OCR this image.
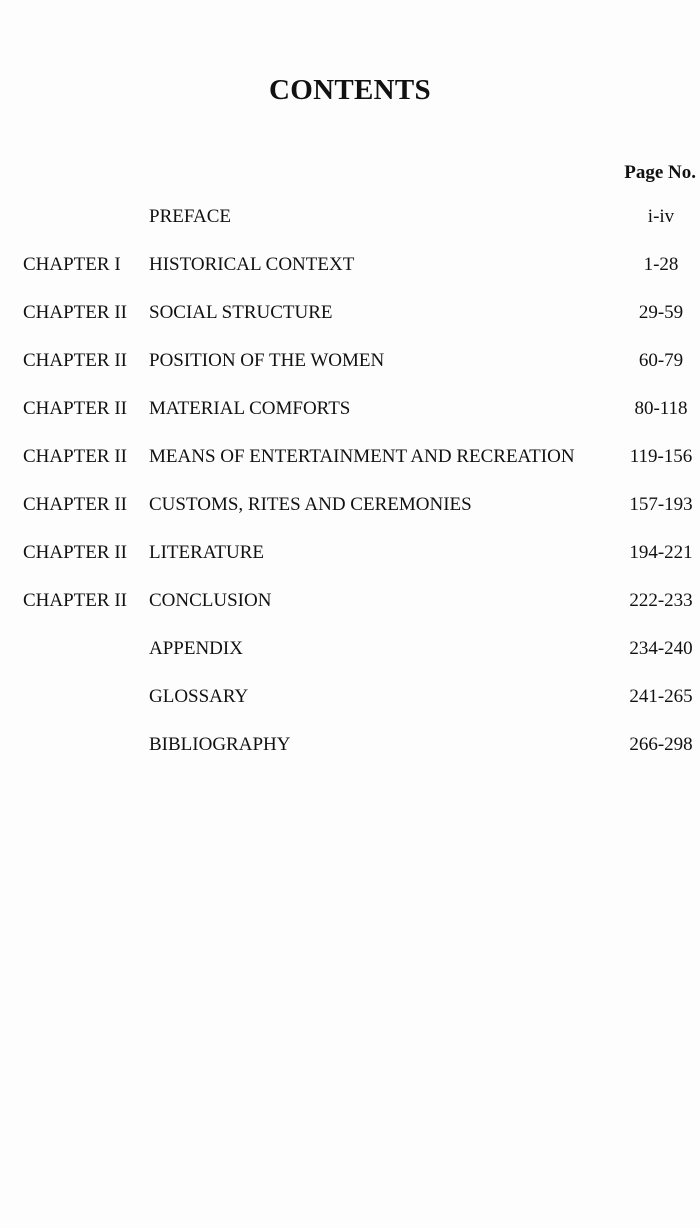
CONTENTS
Page No.
PREFACE	i-iv
CHAPTER I HISTORICAL CONTEXT	1-28
CHAPTER II SOCIAL STRUCTURE	29-59
CHAPTER II POSITION OF THE WOMEN	60-79
CHAPTER II MATERIAL COMFORTS	80-118
CHAPTER II MEANS OF ENTERTAINMENT AND RECREATION	119-156
CHAPTER II CUSTOMS, RITES AND CEREMONIES	157-193
CHAPTER II LITERATURE	194-221
CHAPTER II CONCLUSION	222-233
APPENDIX	234-240
GLOSSARY	241-265
BIBLIOGRAPHY	266-298
